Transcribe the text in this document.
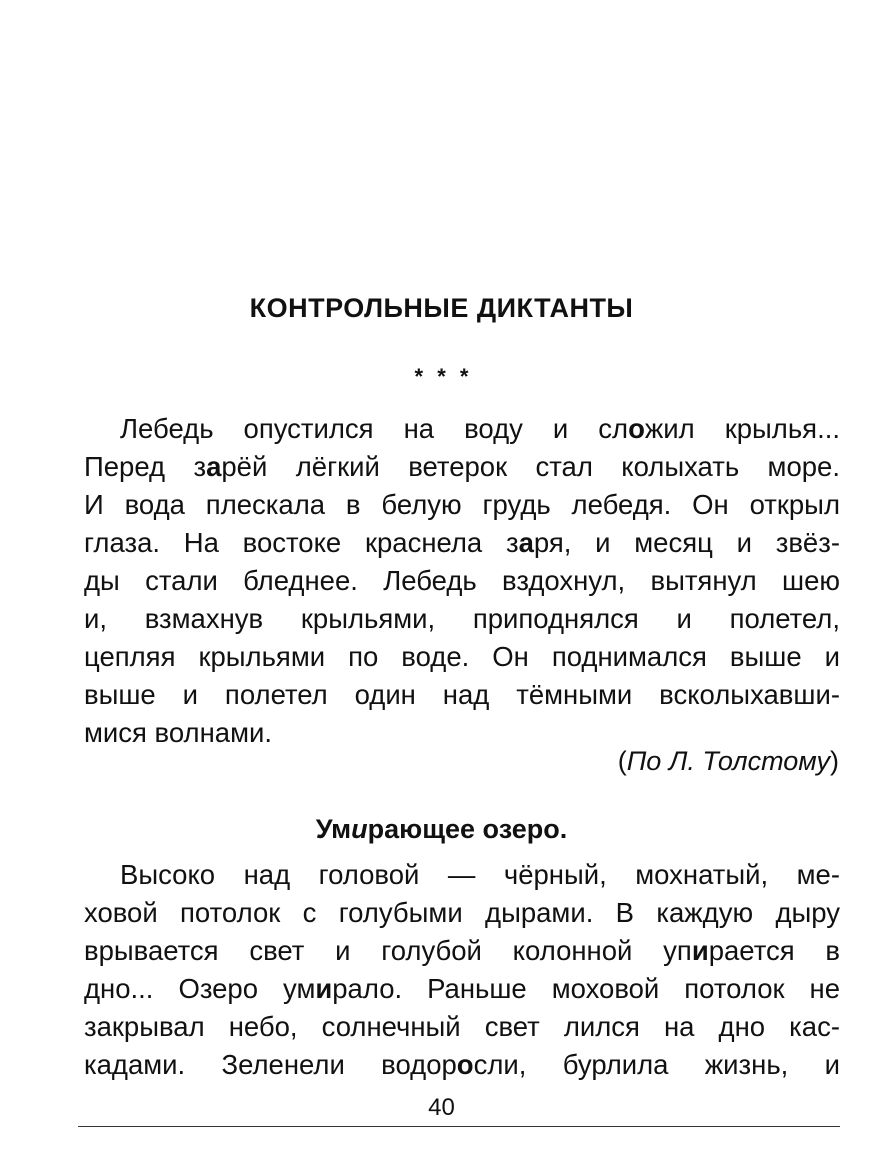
КОНТРОЛЬНЫЕ ДИКТАНТЫ
* * *
Лебедь опустился на воду и сложил крылья...
Перед зарёй лёгкий ветерок стал колыхать море.
И вода плескала в белую грудь лебедя. Он открыл
глаза. На востоке краснела заря, и месяц и звёз-
ды стали бледнее. Лебедь вздохнул, вытянул шею
и, взмахнув крыльями, приподнялся и полетел,
цепляя крыльями по воде. Он поднимался выше и
выше и полетел один над тёмными всколыхавши-
мися волнами.
(По Л. Толстому)
Умирающее озеро.
Высоко над головой — чёрный, мохнатый, ме-
ховой потолок с голубыми дырами. В каждую дыру
врывается свет и голубой колонной упирается в
дно... Озеро умирало. Раньше моховой потолок не
закрывал небо, солнечный свет лился на дно кас-
кадами. Зеленели водоросли, бурлила жизнь, и
40
